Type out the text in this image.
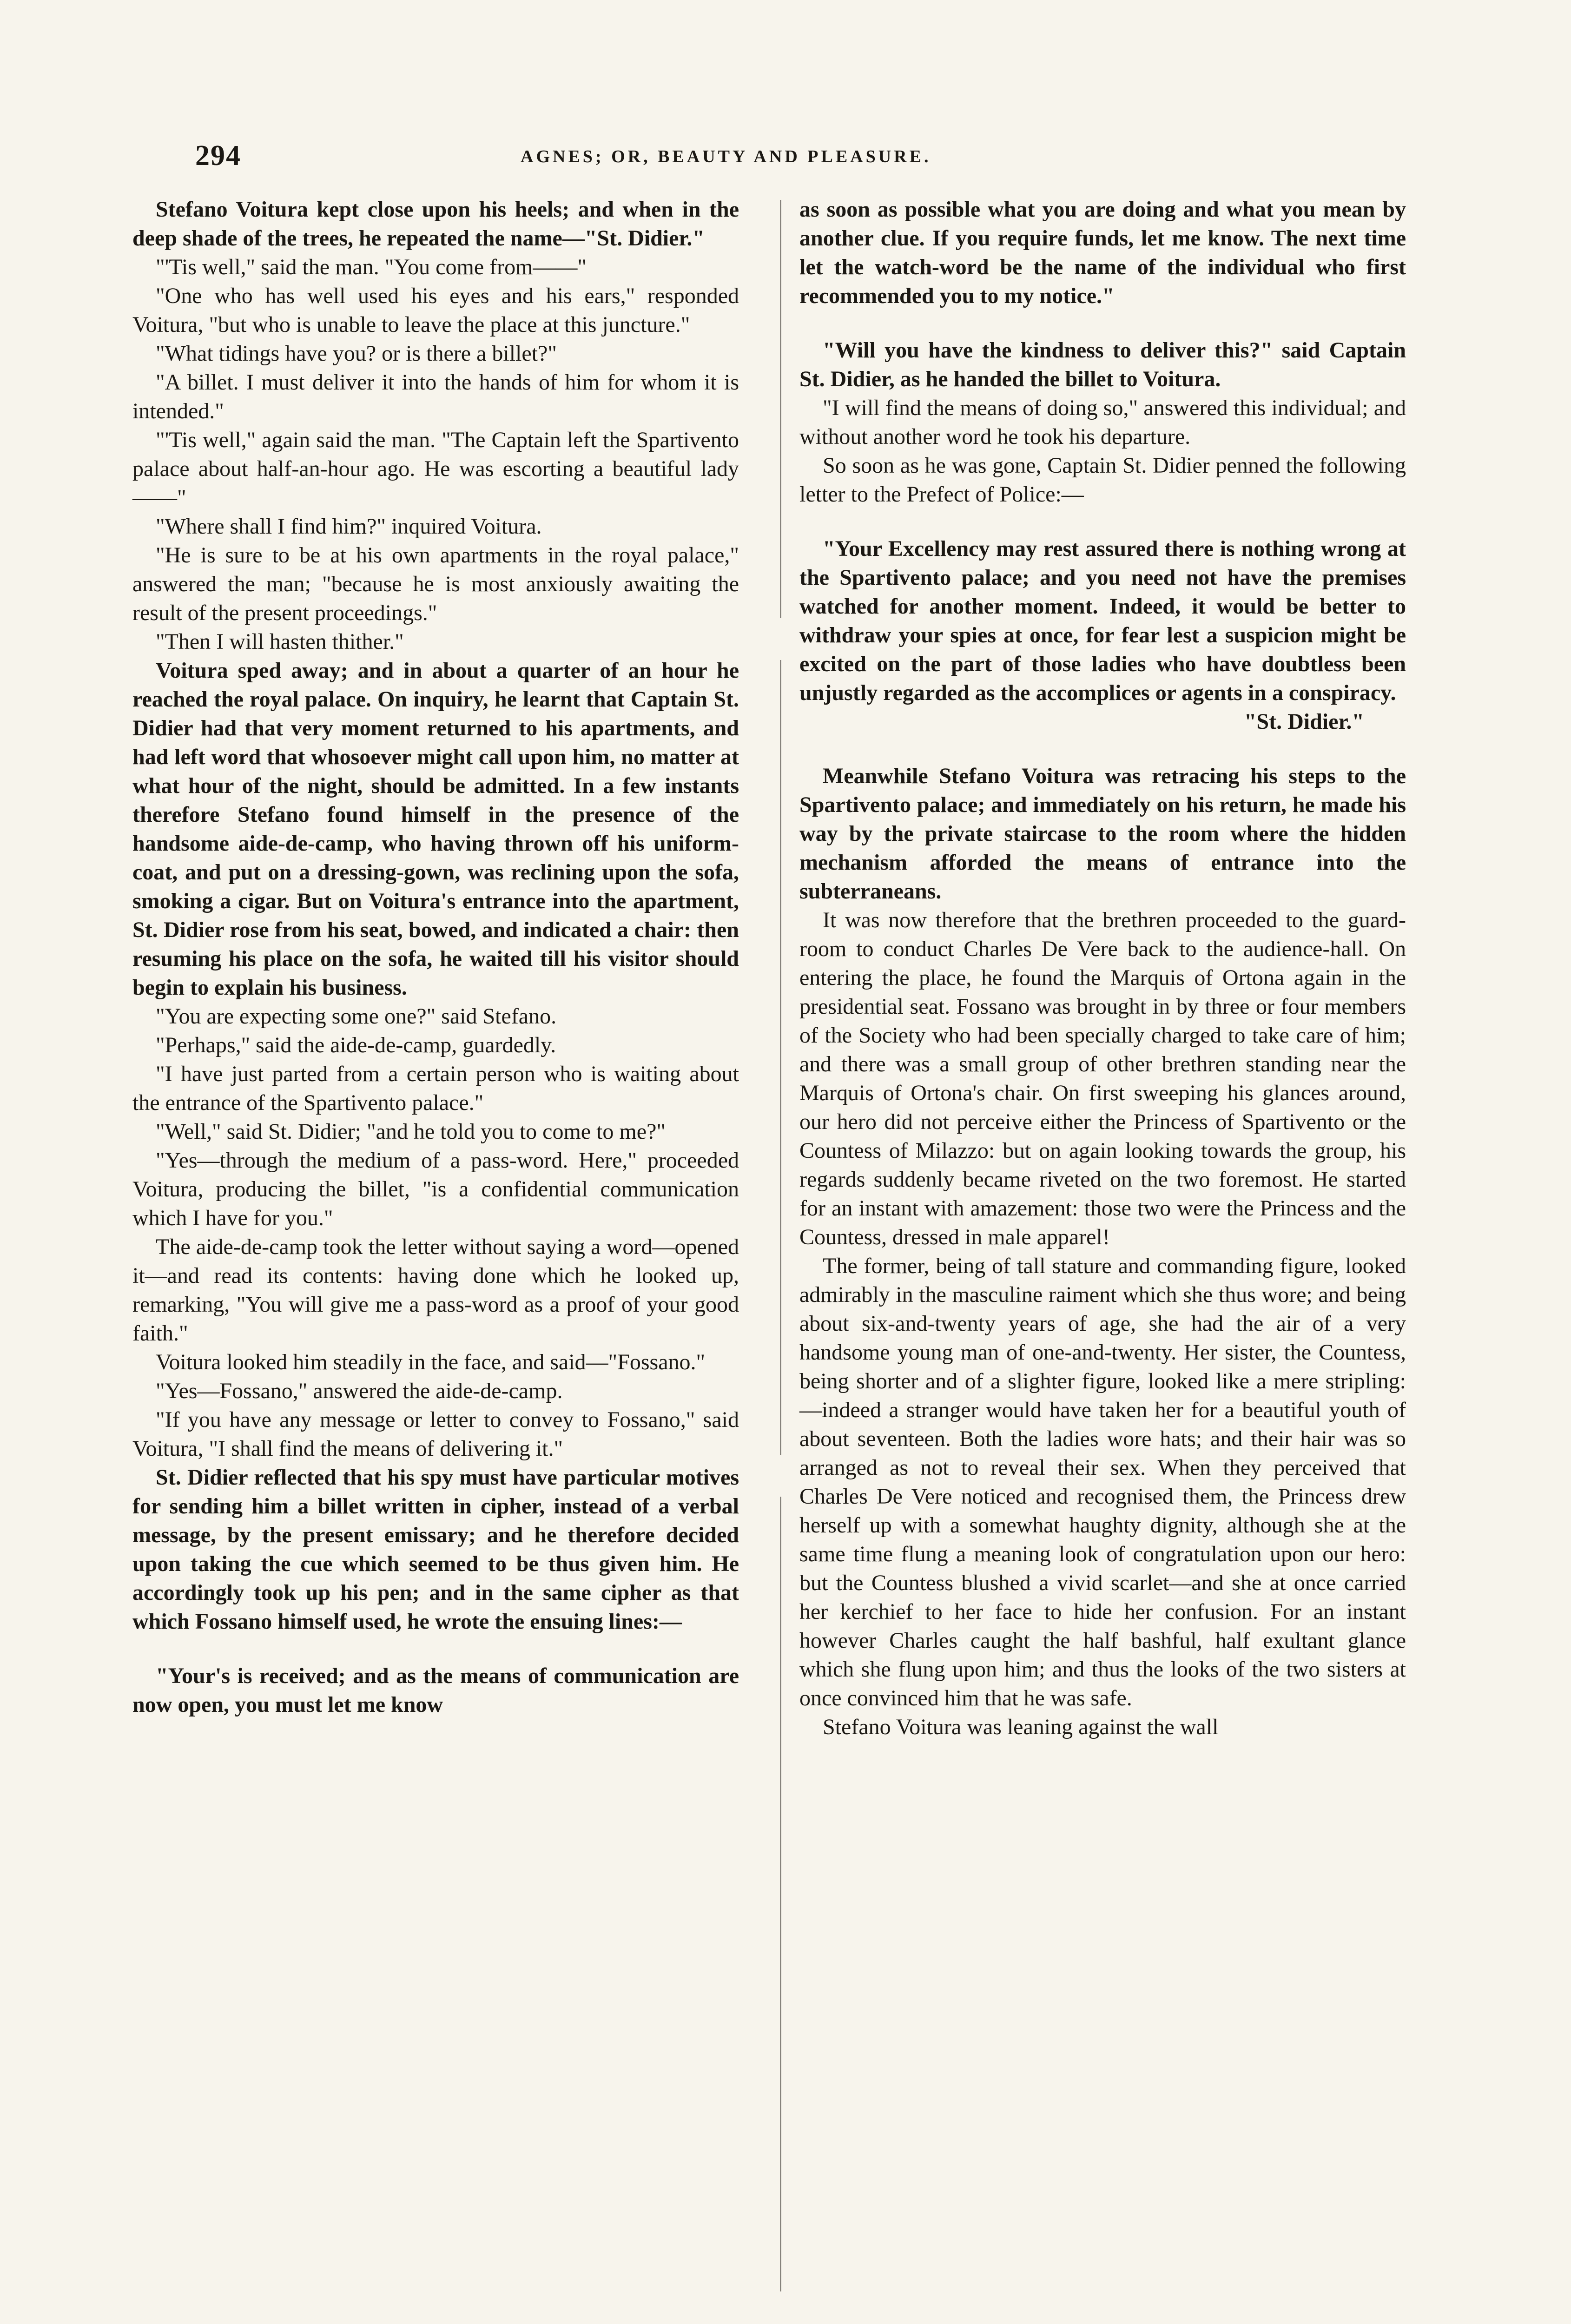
294	AGNES; OR, BEAUTY AND PLEASURE.

Stefano Voitura kept close upon his heels; and when in the deep shade of the trees, he repeated the name—"St. Didier."

"'Tis well," said the man. "You come from——"

"One who has well used his eyes and his ears," responded Voitura, "but who is unable to leave the place at this juncture."

"What tidings have you? or is there a billet?"

"A billet. I must deliver it into the hands of him for whom it is intended."

"'Tis well," again said the man. "The Captain left the Spartivento palace about half-an-hour ago. He was escorting a beautiful lady——"

"Where shall I find him?" inquired Voitura.

"He is sure to be at his own apartments in the royal palace," answered the man; "because he is most anxiously awaiting the result of the present proceedings."

"Then I will hasten thither."

Voitura sped away; and in about a quarter of an hour he reached the royal palace. On inquiry, he learnt that Captain St. Didier had that very moment returned to his apartments, and had left word that whosoever might call upon him, no matter at what hour of the night, should be admitted. In a few instants therefore Stefano found himself in the presence of the handsome aide-de-camp, who having thrown off his uniform-coat, and put on a dressing-gown, was reclining upon the sofa, smoking a cigar. But on Voitura's entrance into the apartment, St. Didier rose from his seat, bowed, and indicated a chair: then resuming his place on the sofa, he waited till his visitor should begin to explain his business.

"You are expecting some one?" said Stefano.

"Perhaps," said the aide-de-camp, guardedly.

"I have just parted from a certain person who is waiting about the entrance of the Spartivento palace."

"Well," said St. Didier; "and he told you to come to me?"

"Yes—through the medium of a pass-word. Here," proceeded Voitura, producing the billet, "is a confidential communication which I have for you."

The aide-de-camp took the letter without saying a word—opened it—and read its contents: having done which he looked up, remarking, "You will give me a pass-word as a proof of your good faith."

Voitura looked him steadily in the face, and said—"Fossano."

"Yes—Fossano," answered the aide-de-camp.

"If you have any message or letter to convey to Fossano," said Voitura, "I shall find the means of delivering it."

St. Didier reflected that his spy must have particular motives for sending him a billet written in cipher, instead of a verbal message, by the present emissary; and he therefore decided upon taking the cue which seemed to be thus given him. He accordingly took up his pen; and in the same cipher as that which Fossano himself used, he wrote the ensuing lines:—

"Your's is received; and as the means of communication are now open, you must let me know

as soon as possible what you are doing and what you mean by another clue. If you require funds, let me know. The next time let the watch-word be the name of the individual who first recommended you to my notice."

"Will you have the kindness to deliver this?" said Captain St. Didier, as he handed the billet to Voitura.

"I will find the means of doing so," answered this individual; and without another word he took his departure.

So soon as he was gone, Captain St. Didier penned the following letter to the Prefect of Police:—

"Your Excellency may rest assured there is nothing wrong at the Spartivento palace; and you need not have the premises watched for another moment. Indeed, it would be better to withdraw your spies at once, for fear lest a suspicion might be excited on the part of those ladies who have doubtless been unjustly regarded as the accomplices or agents in a conspiracy.

"St. Didier."

Meanwhile Stefano Voitura was retracing his steps to the Spartivento palace; and immediately on his return, he made his way by the private staircase to the room where the hidden mechanism afforded the means of entrance into the subterraneans.

It was now therefore that the brethren proceeded to the guard-room to conduct Charles De Vere back to the audience-hall. On entering the place, he found the Marquis of Ortona again in the presidential seat. Fossano was brought in by three or four members of the Society who had been specially charged to take care of him; and there was a small group of other brethren standing near the Marquis of Ortona's chair. On first sweeping his glances around, our hero did not perceive either the Princess of Spartivento or the Countess of Milazzo: but on again looking towards the group, his regards suddenly became riveted on the two foremost. He started for an instant with amazement: those two were the Princess and the Countess, dressed in male apparel!

The former, being of tall stature and commanding figure, looked admirably in the masculine raiment which she thus wore; and being about six-and-twenty years of age, she had the air of a very handsome young man of one-and-twenty. Her sister, the Countess, being shorter and of a slighter figure, looked like a mere stripling:—indeed a stranger would have taken her for a beautiful youth of about seventeen. Both the ladies wore hats; and their hair was so arranged as not to reveal their sex. When they perceived that Charles De Vere noticed and recognised them, the Princess drew herself up with a somewhat haughty dignity, although she at the same time flung a meaning look of congratulation upon our hero: but the Countess blushed a vivid scarlet—and she at once carried her kerchief to her face to hide her confusion. For an instant however Charles caught the half bashful, half exultant glance which she flung upon him; and thus the looks of the two sisters at once convinced him that he was safe.

Stefano Voitura was leaning against the wall
